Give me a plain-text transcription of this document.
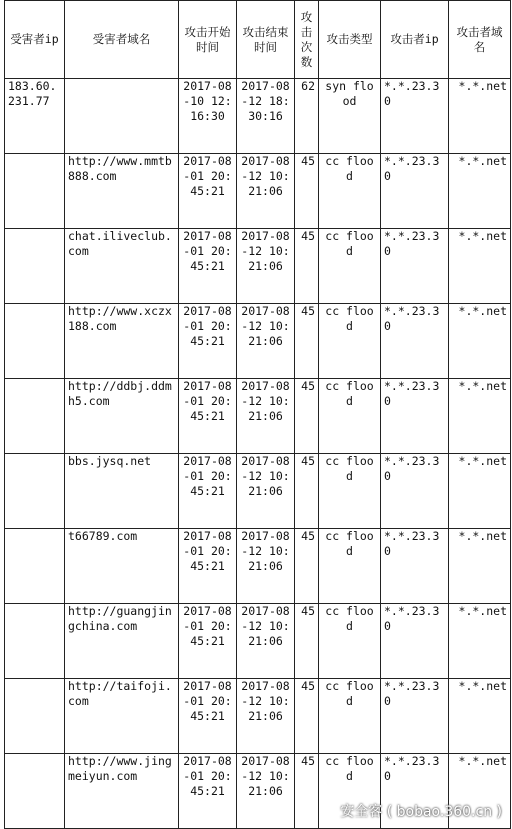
受害者ip	受害者域名	攻击开始时间	攻击结束时间	攻击次数	攻击类型	攻击者ip	攻击者域名

183.60.231.77		2017-08-10 12:16:30	2017-08-12 18:30:16	62	syn flood	*.*.23.30	*.*.net
	http://www.mmtb888.com	2017-08-01 20:45:21	2017-08-12 10:21:06	45	cc flood	*.*.23.30	*.*.net
	chat.iliveclub.com	2017-08-01 20:45:21	2017-08-12 10:21:06	45	cc flood	*.*.23.30	*.*.net
	http://www.xczx188.com	2017-08-01 20:45:21	2017-08-12 10:21:06	45	cc flood	*.*.23.30	*.*.net
	http://ddbj.ddmh5.com	2017-08-01 20:45:21	2017-08-12 10:21:06	45	cc flood	*.*.23.30	*.*.net
	bbs.jysq.net	2017-08-01 20:45:21	2017-08-12 10:21:06	45	cc flood	*.*.23.30	*.*.net
	t66789.com	2017-08-01 20:45:21	2017-08-12 10:21:06	45	cc flood	*.*.23.30	*.*.net
	http://guangjingchina.com	2017-08-01 20:45:21	2017-08-12 10:21:06	45	cc flood	*.*.23.30	*.*.net
	http://taifoji.com	2017-08-01 20:45:21	2017-08-12 10:21:06	45	cc flood	*.*.23.30	*.*.net
	http://www.jingmeiyun.com	2017-08-01 20:45:21	2017-08-12 10:21:06	45	cc flood	*.*.23.30	*.*.net
安全客 ( bobao.360.cn )
